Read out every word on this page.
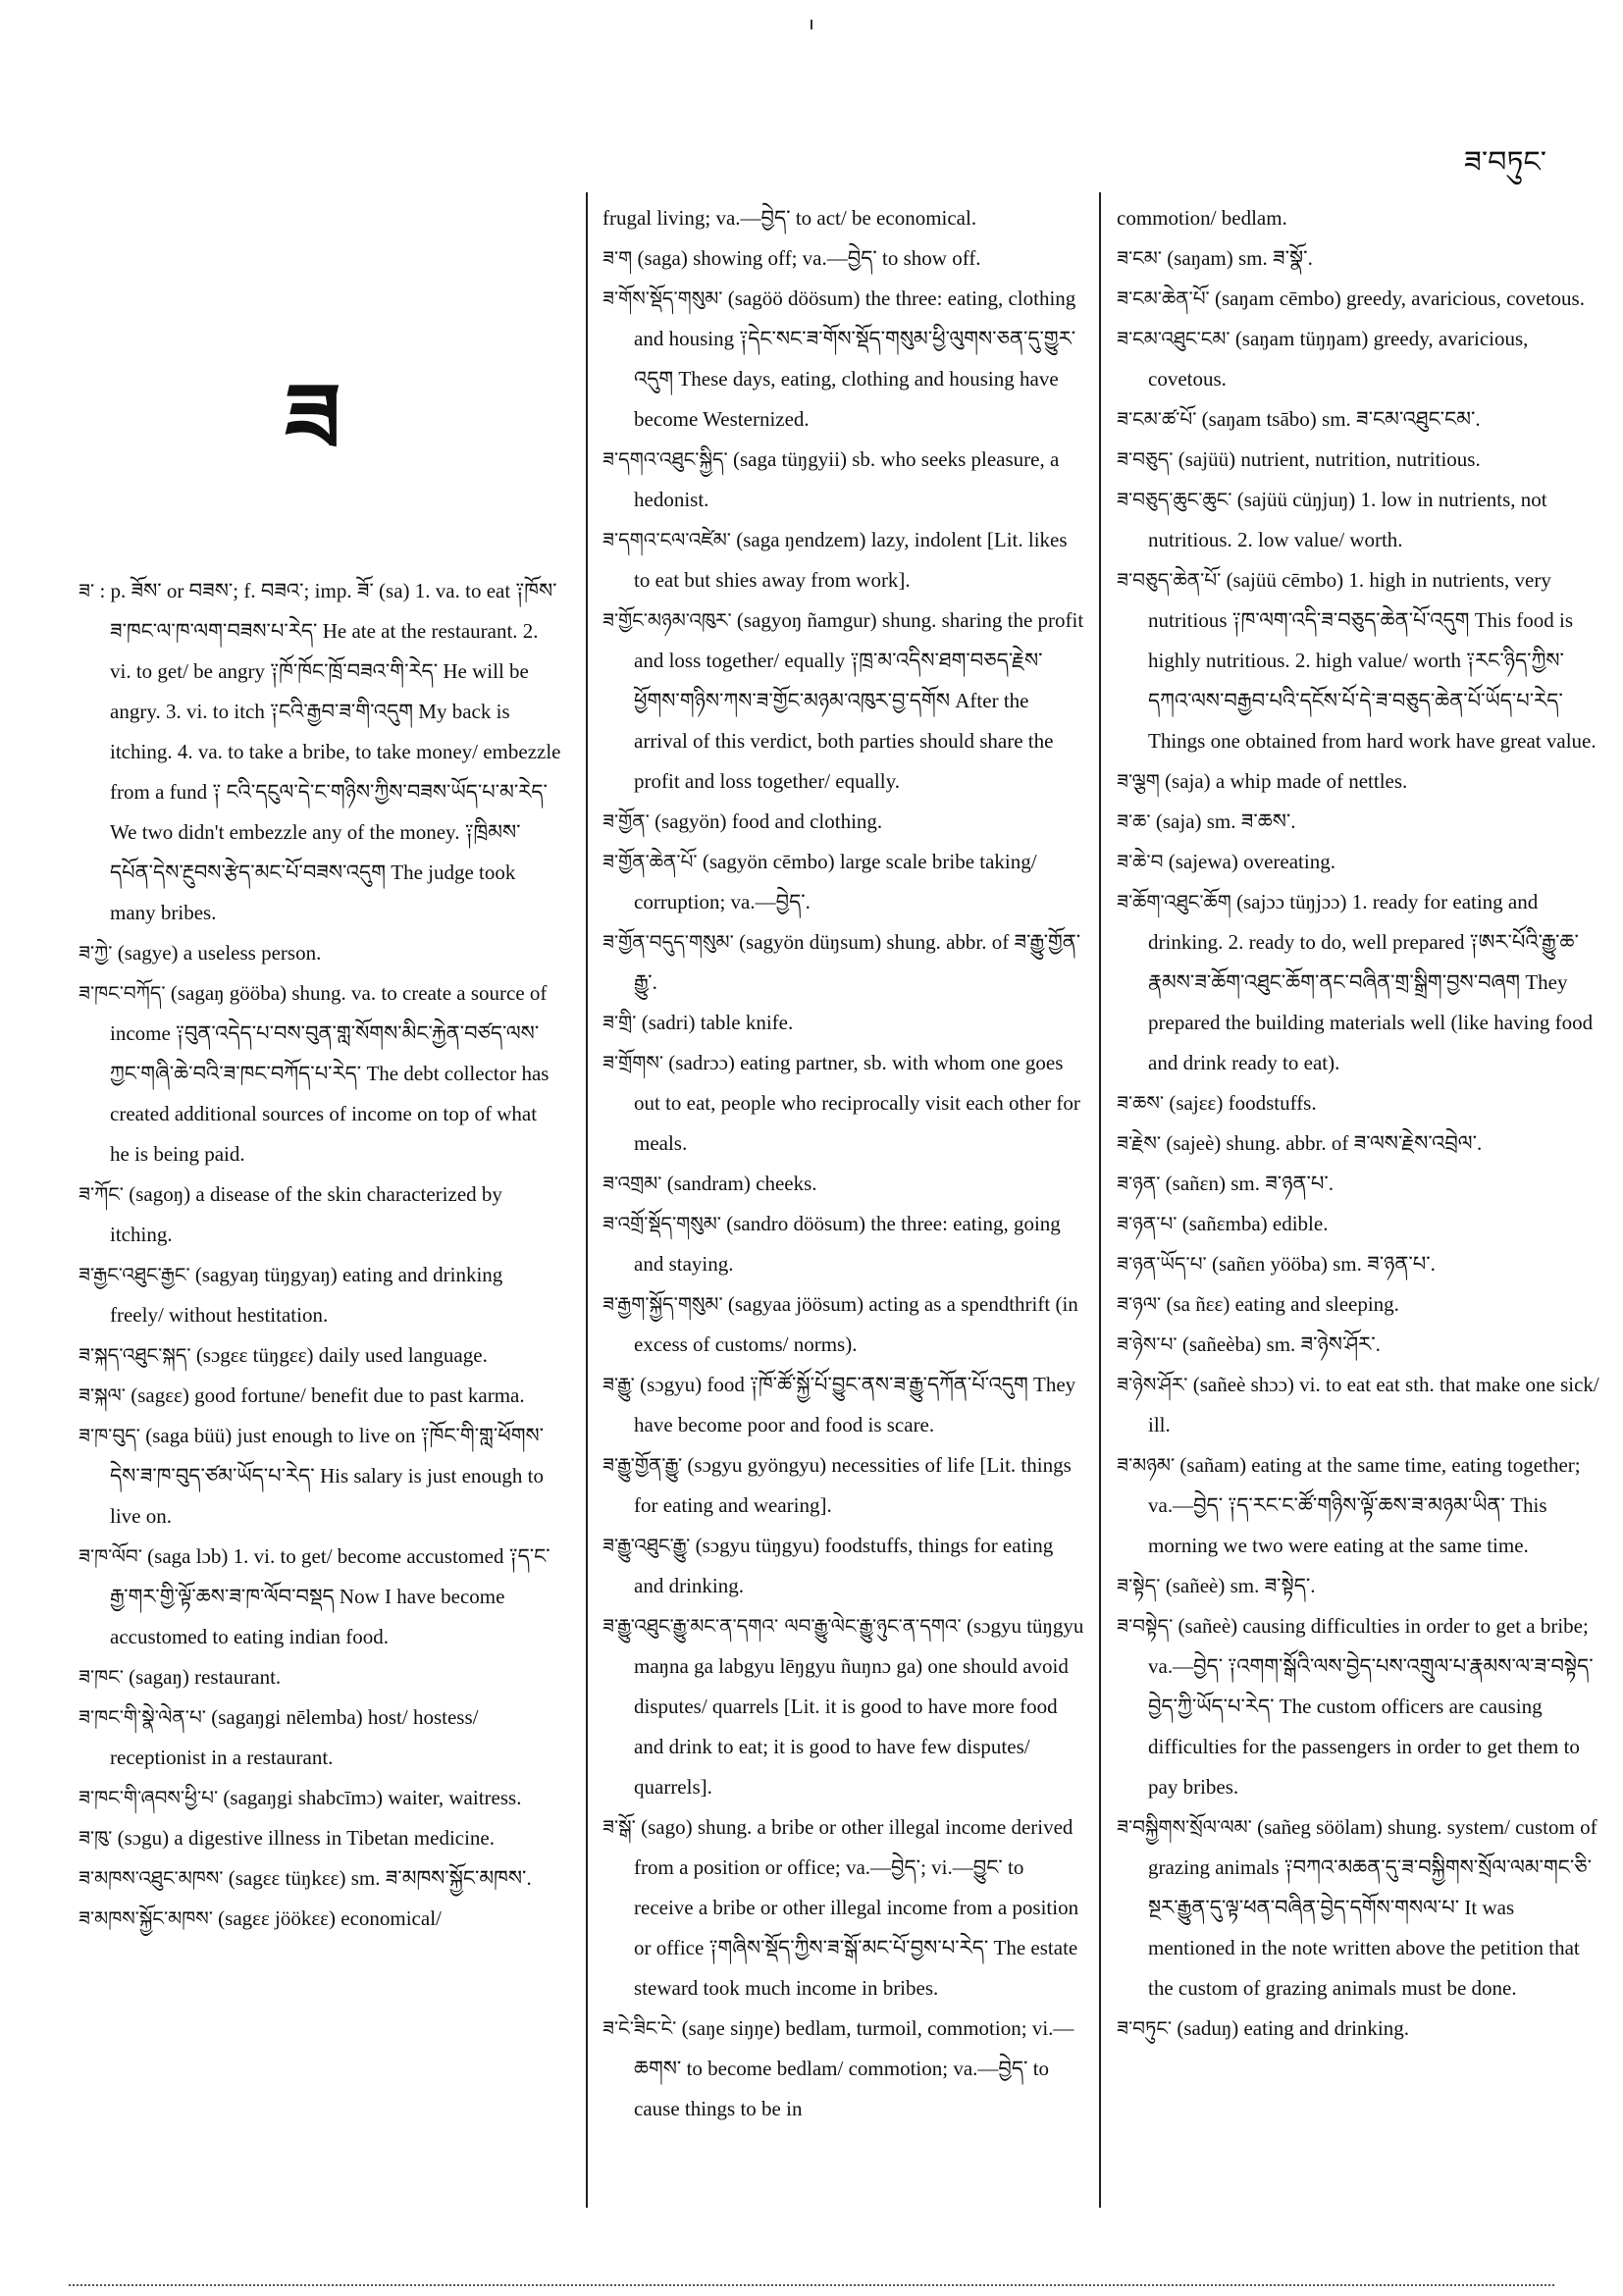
ཟ་བཏུང་
ཟ

ཟ་ : p. ཟོས་ or བཟས་; f. བཟའ་; imp. ཟོ་ (sa) 1. va. to eat ༑ཁོས་ཟ་ཁང་ལ་ཁ་ལག་བཟས་པ་རེད་ He ate at the restaurant. 2. vi. to get/ be angry ༑ཁོ་ཁོང་ཁྲོ་བཟའ་གི་རེད་ He will be angry. 3. vi. to itch ༑ངའི་རྒྱབ་ཟ་གི་འདུག My back is itching. 4. va. to take a bribe, to take money/ embezzle from a fund ༑ ངའི་དངུལ་དེ་ང་གཉིས་ཀྱིས་བཟས་ཡོད་པ་མ་རེད་ We two didn't embezzle any of the money. ༑ཁྲིམས་དཔོན་དེས་རྔུབས་རྩེད་མང་པོ་བཟས་འདུག The judge took many bribes.

ཟ་ཀྱེ་ (sagye) a useless person.

ཟ་ཁང་བཀོད་ (sagaŋ gööba) shung. va. to create a source of income ༑བུན་འདེད་པ་བས་བུན་གླ་སོགས་མིང་རྐྱེན་བཙད་ལས་ཀྱང་གཞི་ཆེ་བའི་ཟ་ཁང་བཀོད་པ་རེད་ The debt collector has created additional sources of income on top of what he is being paid.

ཟ་ཀོང་ (sagoŋ) a disease of the skin characterized by itching.

ཟ་རྒྱང་འཐུང་རྒྱང་ (sagyaŋ tüŋgyaŋ) eating and drinking freely/ without hestitation.

ཟ་སྐད་འཐུང་སྐད་ (sɔgɛɛ tüŋgɛɛ) daily used language.

ཟ་སྐལ་ (sagɛɛ) good fortune/ benefit due to past karma.

ཟ་ཁ་བུད་ (saga büü) just enough to live on ༑ཁོང་གི་གླ་ཕོགས་དེས་ཟ་ཁ་བུད་ཙམ་ཡོད་པ་རེད་ His salary is just enough to live on.

ཟ་ཁ་ལོབ་ (saga lɔb) 1. vi. to get/ become accustomed ༑ད་ང་རྒྱ་གར་གྱི་ལྟོ་ཆས་ཟ་ཁ་ལོབ་བསྡད Now I have become accustomed to eating indian food.

ཟ་ཁང་ (sagaŋ) restaurant.

ཟ་ཁང་གི་སྣེ་ལེན་པ་ (sagaŋgi nēlemba) host/ hostess/ receptionist in a restaurant.

ཟ་ཁང་གི་ཞབས་ཕྱི་པ་ (sagaŋgi shabcīmɔ) waiter, waitress.

ཟ་ཁུ་ (sɔgu) a digestive illness in Tibetan medicine.

ཟ་མཁས་འཐུང་མཁས་ (sagɛɛ tüŋkɛɛ) sm. ཟ་མཁས་སྐྱོང་མཁས་.

ཟ་མཁས་སྐྱོང་མཁས་ (sagɛɛ jöökɛɛ) economical/

frugal living; va.—བྱེད་ to act/ be economical.

ཟ་ག (saga) showing off; va.—བྱེད་ to show off.

ཟ་གོས་སྡོད་གསུམ་ (sagöö döösum) the three: eating, clothing and housing ༑དེང་སང་ཟ་གོས་སྡོད་གསུམ་ཕྱི་ལུགས་ཅན་དུ་གྱུར་འདུག These days, eating, clothing and housing have become Westernized.

ཟ་དགའ་འཐུང་སྐྱིད་ (saga tüŋgyii) sb. who seeks pleasure, a hedonist.

ཟ་དགའ་ངལ་འཛེམ་ (saga ŋendzem) lazy, indolent [Lit. likes to eat but shies away from work].

ཟ་གྱོང་མཉམ་འཁུར་ (sagyoŋ ñamgur) shung. sharing the profit and loss together/ equally ༑ཁྲ་མ་འདིས་ཐག་བཅད་རྗེས་ཕྱོགས་གཉིས་ཀས་ཟ་གྱོང་མཉམ་འཁུར་བྱ་དགོས After the arrival of this verdict, both parties should share the profit and loss together/ equally.

ཟ་གྱོན་ (sagyön) food and clothing.

ཟ་གྱོན་ཆེན་པོ་ (sagyön cēmbo) large scale bribe taking/ corruption; va.—བྱེད་.

ཟ་གྱོན་བདུད་གསུམ་ (sagyön düŋsum) shung. abbr. of ཟ་རྒྱུ་གྱོན་རྒྱུ་.

ཟ་གྲི་ (sadri) table knife.

ཟ་གྲོགས་ (sadrɔɔ) eating partner, sb. with whom one goes out to eat, people who reciprocally visit each other for meals.

ཟ་འགྲམ་ (sandram) cheeks.

ཟ་འགྲོ་སྡོད་གསུམ་ (sandro döösum) the three: eating, going and staying.

ཟ་རྒྱག་སྐྱོད་གསུམ་ (sagyaa jöösum) acting as a spendthrift (in excess of customs/ norms).

ཟ་རྒྱུ་ (sɔgyu) food ༑ཁོ་ཚོ་སྐྱོ་པོ་བྱུང་ནས་ཟ་རྒྱུ་དཀོན་པོ་འདུག They have become poor and food is scare.

ཟ་རྒྱུ་གྱོན་རྒྱུ་ (sɔgyu gyöngyu) necessities of life [Lit. things for eating and wearing].

ཟ་རྒྱུ་འཐུང་རྒྱུ་ (sɔgyu tüŋgyu) foodstuffs, things for eating and drinking.

ཟ་རྒྱུ་འཐུང་རྒྱུ་མང་ན་དགའ་ ལབ་རྒྱུ་ལེང་རྒྱུ་ཉུང་ན་དགའ་ (sɔgyu tüŋgyu maŋna ga labgyu lēŋgyu ñuŋnɔ ga) one should avoid disputes/ quarrels [Lit. it is good to have more food and drink to eat; it is good to have few disputes/ quarrels].

ཟ་སྒོ་ (sago) shung. a bribe or other illegal income derived from a position or office; va.—བྱེད་; vi.—བྱུང་ to receive a bribe or other illegal income from a position or office ༑གཞིས་སྡོད་ཀྱིས་ཟ་སྒོ་མང་པོ་བྱས་པ་རེད་ The estate steward took much income in bribes.

ཟ་ངེ་ཟིང་ངེ་ (saŋe siŋŋe) bedlam, turmoil, commotion; vi.—ཆགས་ to become bedlam/ commotion; va.—བྱེད་ to cause things to be in

commotion/ bedlam.

ཟ་ངམ་ (saŋam) sm. ཟ་སྣོ་.

ཟ་ངམ་ཆེན་པོ་ (saŋam cēmbo) greedy, avaricious, covetous.

ཟ་ངམ་འཐུང་ངམ་ (saŋam tüŋŋam) greedy, avaricious, covetous.

ཟ་ངམ་ཚ་པོ་ (saŋam tsābo) sm. ཟ་ངམ་འཐུང་ངམ་.

ཟ་བཅུད་ (sajüü) nutrient, nutrition, nutritious.

ཟ་བཅུད་ཆུང་ཆུང་ (sajüü cüŋjuŋ) 1. low in nutrients, not nutritious. 2. low value/ worth.

ཟ་བཅུད་ཆེན་པོ་ (sajüü cēmbo) 1. high in nutrients, very nutritious ༑ཁ་ལག་འདི་ཟ་བཅུད་ཆེན་པོ་འདུག This food is highly nutritious. 2. high value/ worth ༑རང་ཉིད་ཀྱིས་དཀའ་ལས་བརྒྱབ་པའི་དངོས་པོ་དེ་ཟ་བཅུད་ཆེན་པོ་ཡོད་པ་རེད་ Things one obtained from hard work have great value.

ཟ་ལྕག (saja) a whip made of nettles.

ཟ་ཆ་ (saja) sm. ཟ་ཆས་.

ཟ་ཆེ་བ (sajewa) overeating.

ཟ་ཆོག་འཐུང་ཆོག (sajɔɔ tüŋjɔɔ) 1. ready for eating and drinking. 2. ready to do, well prepared ༑ཨར་པོའི་རྒྱུ་ཆ་རྣམས་ཟ་ཆོག་འཐུང་ཆོག་ནང་བཞིན་གྲ་སྒྲིག་བྱས་བཞག They prepared the building materials well (like having food and drink ready to eat).

ཟ་ཆས་ (sajɛɛ) foodstuffs.

ཟ་རྗེས་ (sajeè) shung. abbr. of ཟ་ལས་རྗེས་འབྲེལ་.

ཟ་ཉན་ (sañɛn) sm. ཟ་ཉན་པ་.

ཟ་ཉན་པ་ (sañɛmba) edible.

ཟ་ཉན་ཡོད་པ་ (sañɛn yööba) sm. ཟ་ཉན་པ་.

ཟ་ཉལ་ (sa ñɛɛ) eating and sleeping.

ཟ་ཉེས་པ་ (sañeèba) sm. ཟ་ཉེས་ཤོར་.

ཟ་ཉེས་ཤོར་ (sañeè shɔɔ) vi. to eat eat sth. that make one sick/ ill.

ཟ་མཉམ་ (sañam) eating at the same time, eating together; va.—བྱེད་ ༑ད་རང་ང་ཚོ་གཉིས་ལྟོ་ཆས་ཟ་མཉམ་ཡིན་ This morning we two were eating at the same time.

ཟ་སྟེད་ (sañeè) sm. ཟ་སྟེད་.

ཟ་བསྟེད་ (sañeè) causing difficulties in order to get a bribe; va.—བྱེད་ ༑འགག་སྒོའི་ལས་བྱེད་པས་འགྲུལ་པ་རྣམས་ལ་ཟ་བསྟེད་བྱེད་ཀྱི་ཡོད་པ་རེད་ The custom officers are causing difficulties for the passengers in order to get them to pay bribes.

ཟ་བསྐྱིགས་སྲོལ་ལམ་ (sañeg söölam) shung. system/ custom of grazing animals ༑བཀའ་མཆན་དུ་ཟ་བསྐྱིགས་སྲོལ་ལམ་གང་ཅི་སྔར་རྒྱུན་དུ་ལྟ་ཕན་བཞིན་བྱེད་དགོས་གསལ་པ་ It was mentioned in the note written above the petition that the custom of grazing animals must be done.

ཟ་བཏུང་ (saduŋ) eating and drinking.
